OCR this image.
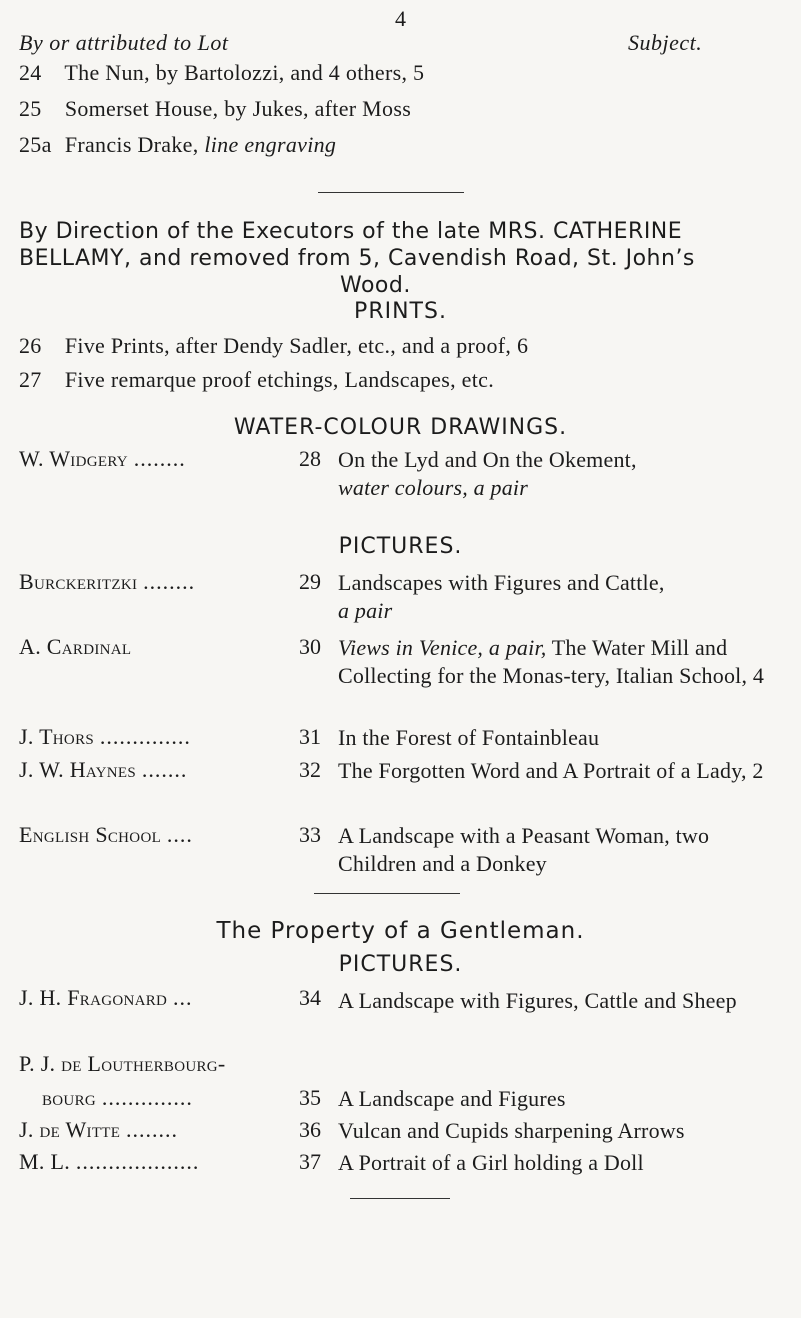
4
By or attributed to Lot	Subject.
24 The Nun, by Bartolozzi, and 4 others, 5
25 Somerset House, by Jukes, after Moss
25a Francis Drake, line engraving
By Direction of the Executors of the late MRS. CATHERINE
BELLAMY, and removed from 5, Cavendish Road, St. John’s
Wood.
PRINTS.
26 Five Prints, after Dendy Sadler, etc., and a proof, 6
27 Five remarque proof etchings, Landscapes, etc.
WATER-COLOUR DRAWINGS.
W. Widgery ........	28 On the Lyd and On the Okement,
water colours, a pair
PICTURES.
Burckeritzki ........	29 Landscapes with Figures and Cattle,
a pair
A. Cardinal	30 Views in Venice, a pair, The Water Mill and Collecting for the Monas-tery, Italian School, 4
J. Thors ..............	31 In the Forest of Fontainbleau
J. W. Haynes .......	32 The Forgotten Word and A Portrait of a Lady, 2
English School ....	33 A Landscape with a Peasant Woman, two Children and a Donkey
The Property of a Gentleman.
PICTURES.
J. H. Fragonard ...	34 A Landscape with Figures, Cattle and Sheep
P. J. de Loutherbourg-
bourg ..............	35 A Landscape and Figures
J. de Witte ........	36 Vulcan and Cupids sharpening Arrows
M. L. ...................	37 A Portrait of a Girl holding a Doll
